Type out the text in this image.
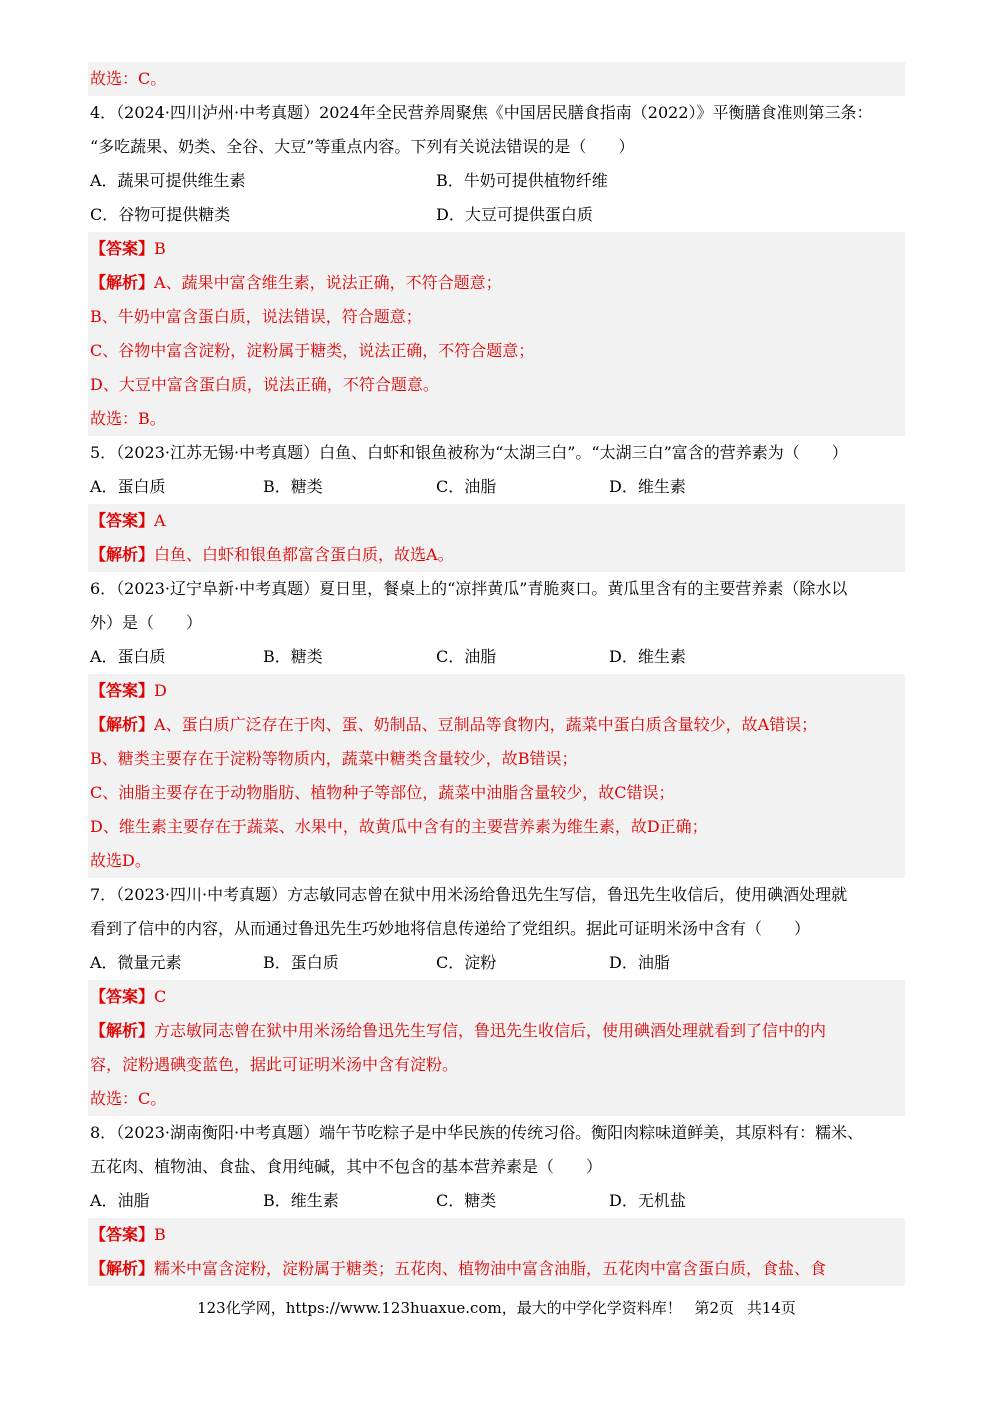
故选：C。
4．（2024·四川泸州·中考真题）2024年全民营养周聚焦《中国居民膳食指南（2022）》平衡膳食准则第三条：
“多吃蔬果、奶类、全谷、大豆”等重点内容。下列有关说法错误的是（　　）
A．蔬果可提供维生素	B．牛奶可提供植物纤维
C．谷物可提供糖类	D．大豆可提供蛋白质
【答案】B
【解析】A、蔬果中富含维生素，说法正确，不符合题意；
B、牛奶中富含蛋白质，说法错误，符合题意；
C、谷物中富含淀粉，淀粉属于糖类，说法正确，不符合题意；
D、大豆中富含蛋白质，说法正确，不符合题意。
故选：B。
5．（2023·江苏无锡·中考真题）白鱼、白虾和银鱼被称为“太湖三白”。“太湖三白”富含的营养素为（　　）
A．蛋白质	B．糖类	C．油脂	D．维生素
【答案】A
【解析】白鱼、白虾和银鱼都富含蛋白质，故选A。
6．（2023·辽宁阜新·中考真题）夏日里，餐桌上的“凉拌黄瓜”青脆爽口。黄瓜里含有的主要营养素（除水以
外）是（　　）
A．蛋白质	B．糖类	C．油脂	D．维生素
【答案】D
【解析】A、蛋白质广泛存在于肉、蛋、奶制品、豆制品等食物内，蔬菜中蛋白质含量较少，故A错误；
B、糖类主要存在于淀粉等物质内，蔬菜中糖类含量较少，故B错误；
C、油脂主要存在于动物脂肪、植物种子等部位，蔬菜中油脂含量较少，故C错误；
D、维生素主要存在于蔬菜、水果中，故黄瓜中含有的主要营养素为维生素，故D正确；
故选D。
7．（2023·四川·中考真题）方志敏同志曾在狱中用米汤给鲁迅先生写信，鲁迅先生收信后，使用碘酒处理就
看到了信中的内容，从而通过鲁迅先生巧妙地将信息传递给了党组织。据此可证明米汤中含有（　　）
A．微量元素	B．蛋白质	C．淀粉	D．油脂
【答案】C
【解析】方志敏同志曾在狱中用米汤给鲁迅先生写信，鲁迅先生收信后，使用碘酒处理就看到了信中的内
容，淀粉遇碘变蓝色，据此可证明米汤中含有淀粉。
故选：C。
8．（2023·湖南衡阳·中考真题）端午节吃粽子是中华民族的传统习俗。衡阳肉粽味道鲜美，其原料有：糯米、
五花肉、植物油、食盐、食用纯碱，其中不包含的基本营养素是（　　）
A．油脂	B．维生素	C．糖类	D．无机盐
【答案】B
【解析】糯米中富含淀粉，淀粉属于糖类；五花肉、植物油中富含油脂，五花肉中富含蛋白质，食盐、食
123化学网，https://www.123huaxue.com，最大的中学化学资料库！ 第2页 共14页
